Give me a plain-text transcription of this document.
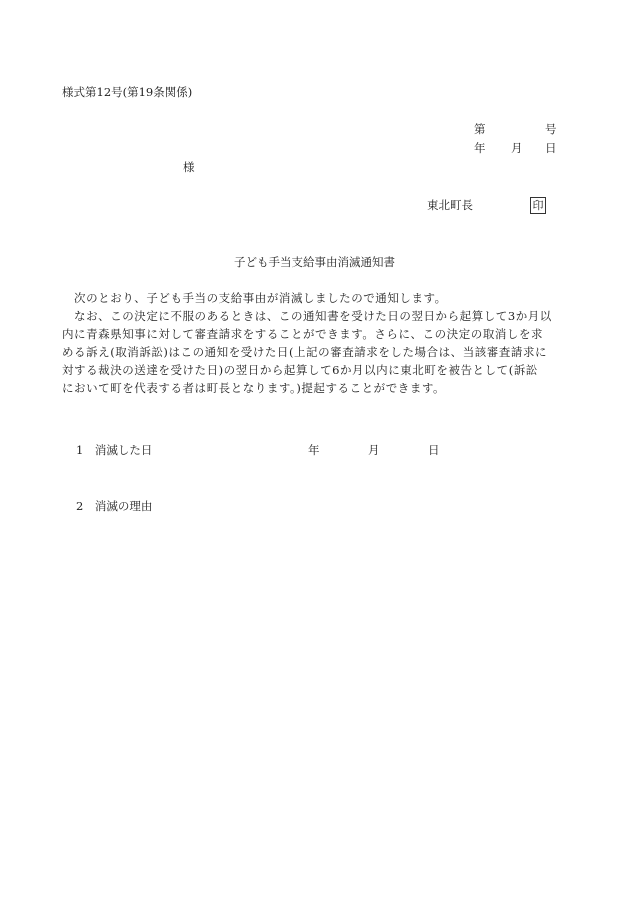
様式第12号(第19条関係)
第	号
年 月 日
様
東北町長	印
子ども手当支給事由消滅通知書
　次のとおり、子ども手当の支給事由が消滅しましたので通知します。
　なお、この決定に不服のあるときは、この通知書を受けた日の翌日から起算して3か月以
内に青森県知事に対して審査請求をすることができます。さらに、この決定の取消しを求
める訴え(取消訴訟)はこの通知を受けた日(上記の審査請求をした場合は、当該審査請求に
対する裁決の送達を受けた日)の翌日から起算して6か月以内に東北町を被告として(訴訟
において町を代表する者は町長となります。)提起することができます。
1　消滅した日	年	月	日
2　消滅の理由
